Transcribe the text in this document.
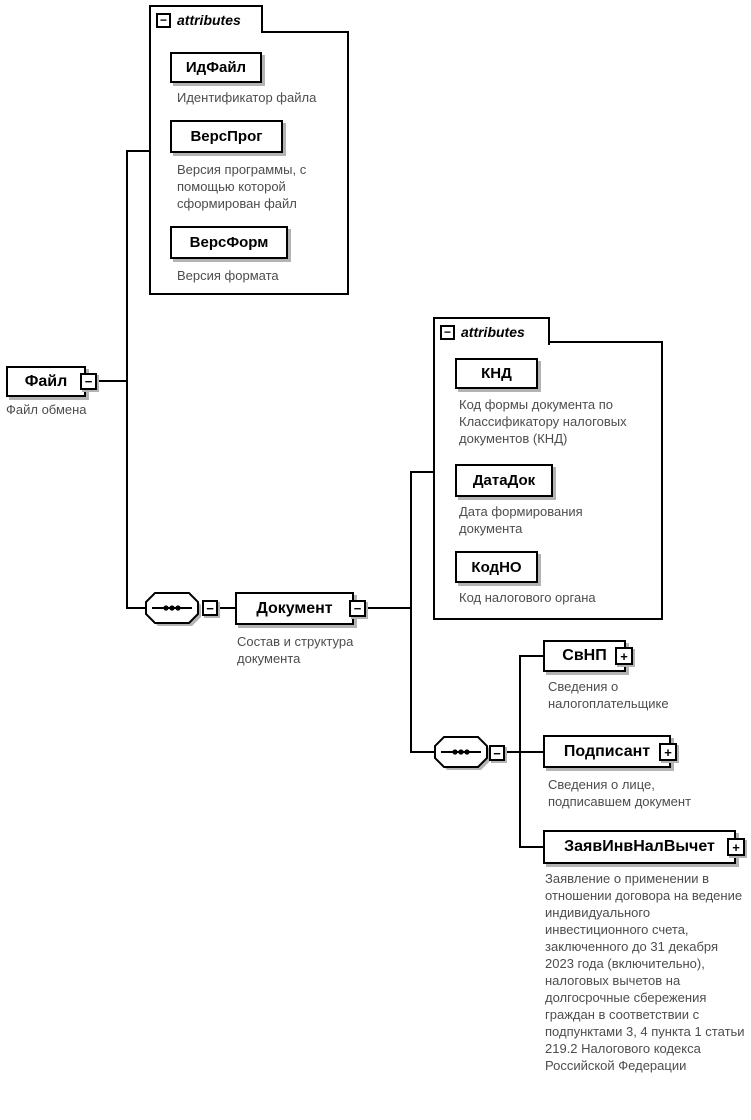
− attributes
ИдФайл
Идентификатор файла
ВерсПрог
Версия программы, с помощью которой сформирован файл
ВерсФорм
Версия формата
Файл	−
Файл обмена
−	Документ	−
Состав и структура документа
− attributes
КНД
Код формы документа по Классификатору налоговых документов (КНД)
ДатаДок
Дата формирования документа
КодНО
Код налогового органа
−
СвНП	+
Сведения о налогоплательщике
Подписант	+
Сведения о лице, подписавшем документ
ЗаявИнвНалВычет	+
Заявление о применении в отношении договора на ведение индивидуального инвестиционного счета, заключенного до 31 декабря 2023 года (включительно), налоговых вычетов на долгосрочные сбережения граждан в соответствии с подпунктами 3, 4 пункта 1 статьи 219.2 Налогового кодекса Российской Федерации
